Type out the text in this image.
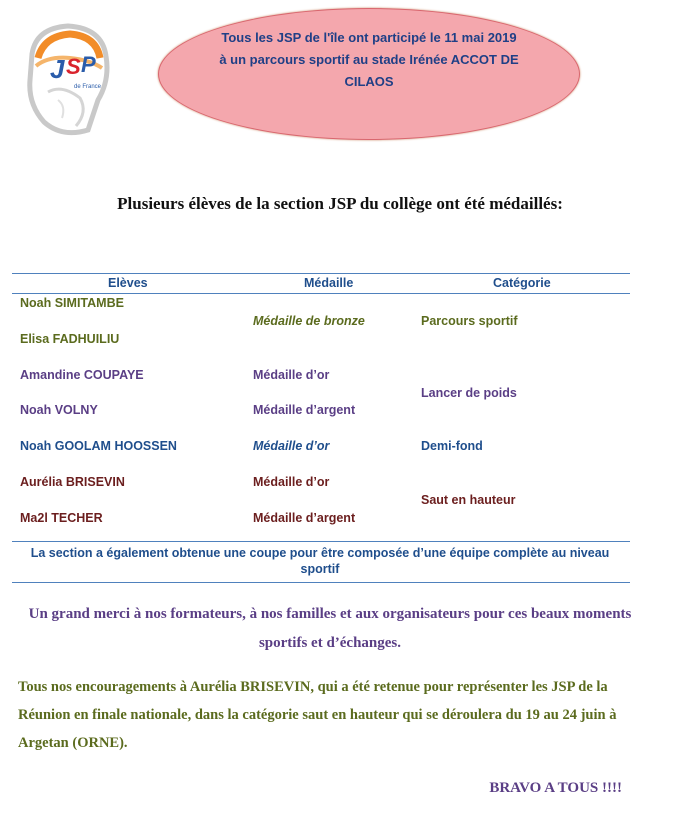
J S P
de France
Tous les JSP de l'île ont participé le 11 mai 2019
à un parcours sportif au stade Irénée ACCOT DE
CILAOS
Plusieurs élèves de la section JSP du collège ont été médaillés:
Elèves	Médaille	Catégorie
Noah SIMITAMBE
Elisa FADHUILIU
Amandine COUPAYE
Noah VOLNY
Noah GOOLAM HOOSSEN
Aurélia BRISEVIN
Ma2l TECHER
Médaille de bronze
Médaille d’or
Médaille d’argent
Médaille d’or
Médaille d’or
Médaille d’argent
Parcours sportif
Lancer de poids
Demi-fond
Saut en hauteur
La section a également obtenue une coupe pour être composée d’une équipe complète au niveau sportif
Un grand merci à nos formateurs, à nos familles et aux organisateurs pour ces beaux moments sportifs et d’échanges.
Tous nos encouragements à Aurélia BRISEVIN, qui a été retenue pour représenter les JSP de la Réunion en finale nationale, dans la catégorie saut en hauteur qui se déroulera du 19 au 24 juin à Argetan (ORNE).
BRAVO A TOUS !!!!
